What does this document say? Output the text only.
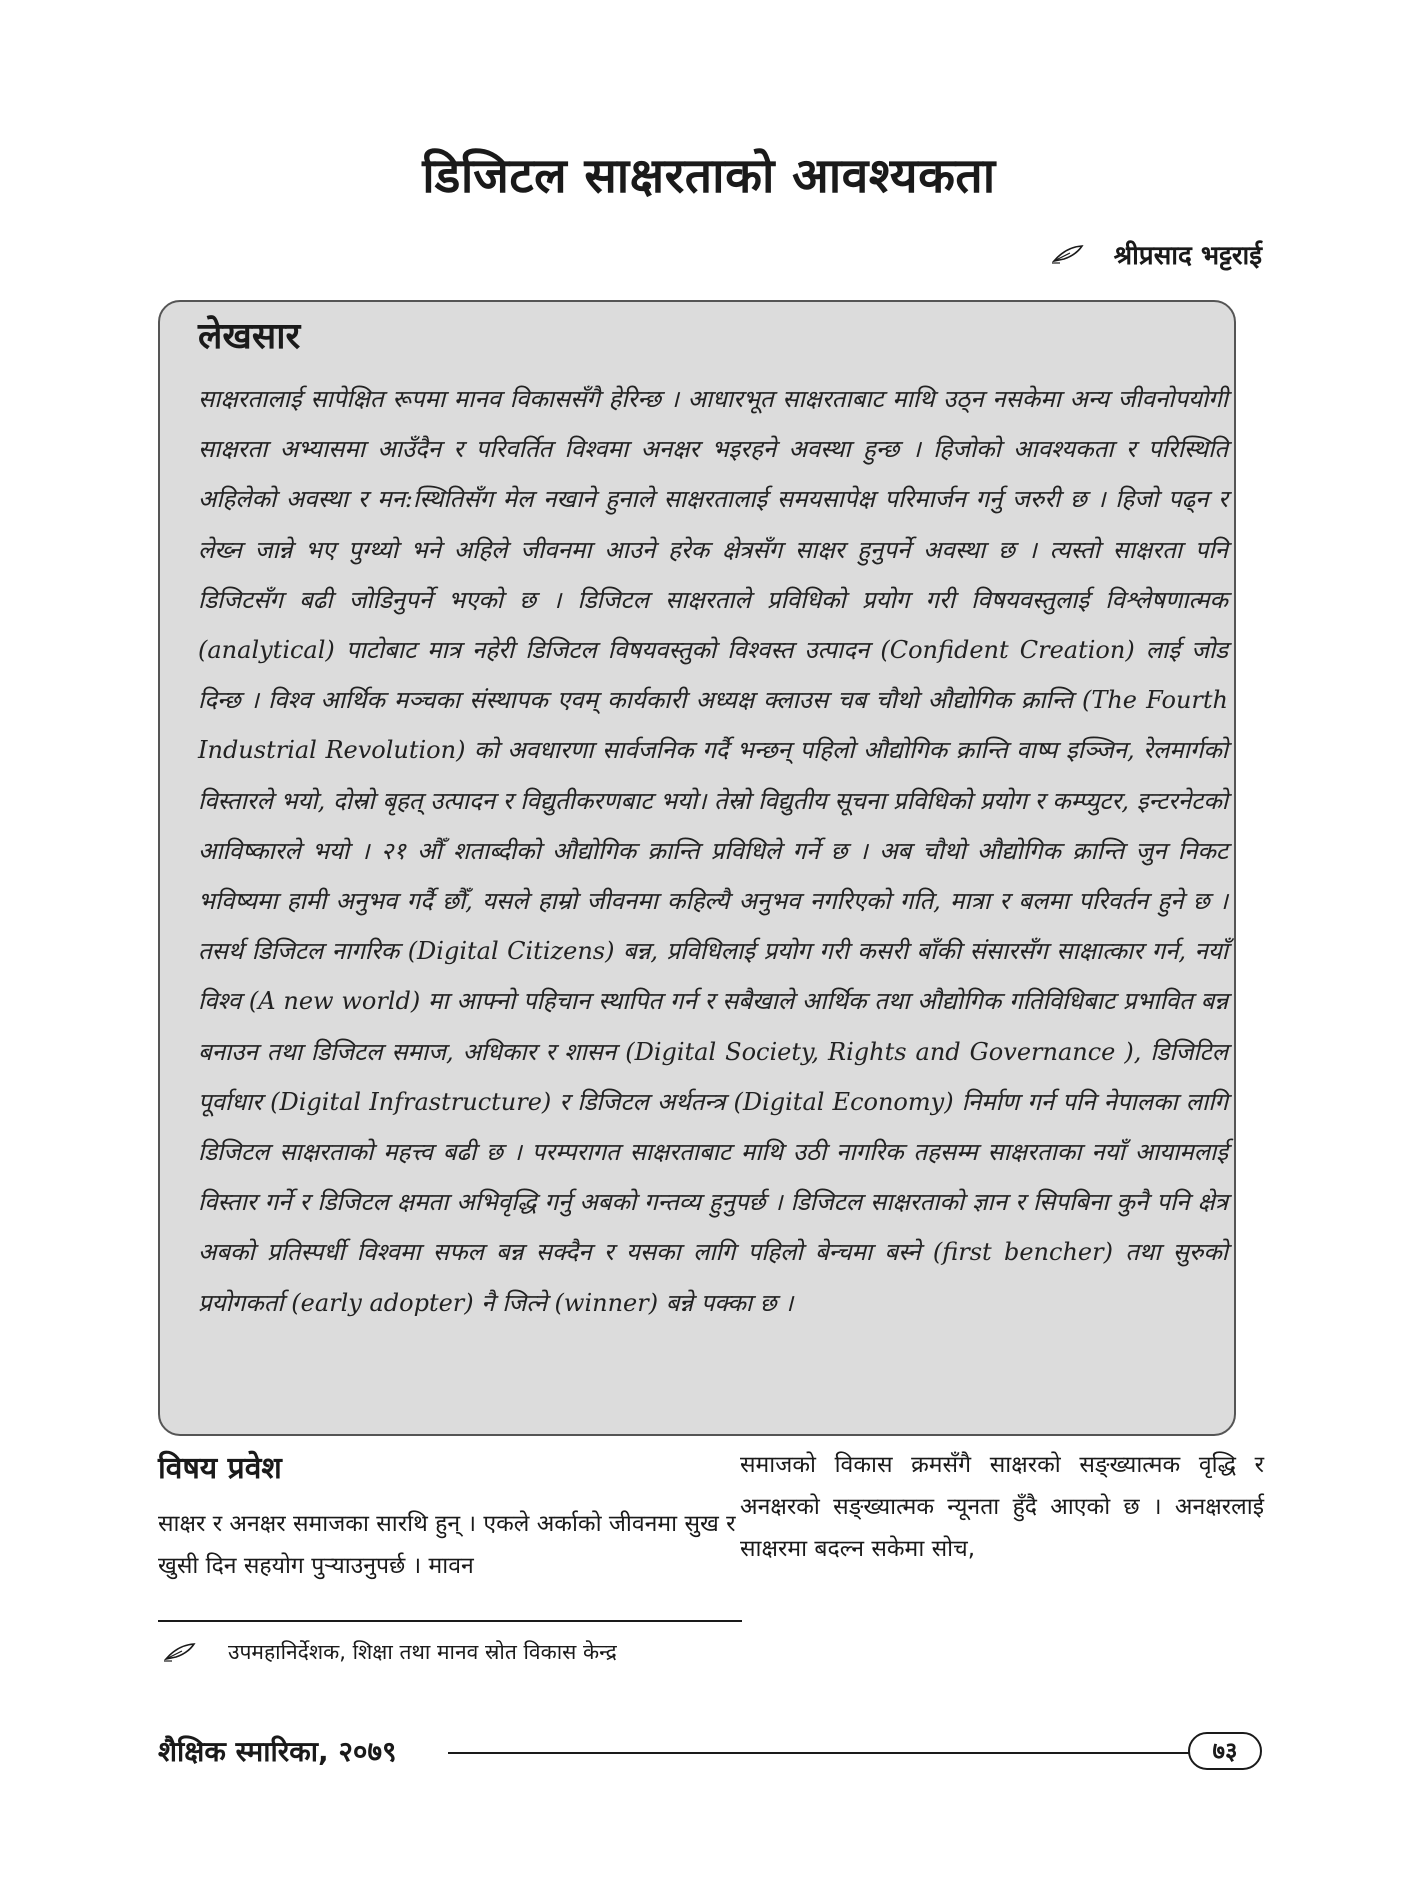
डिजिटल साक्षरताको आवश्यकता
श्रीप्रसाद भट्टराई
लेखसार

साक्षरतालाई सापेक्षित रूपमा मानव विकाससँगै हेरिन्छ । आधारभूत साक्षरताबाट माथि उठ्न नसकेमा अन्य जीवनोपयोगी साक्षरता अभ्यासमा आउँदैन र परिवर्तित विश्वमा अनक्षर भइरहने अवस्था हुन्छ । हिजोको आवश्यकता र परिस्थिति अहिलेको अवस्था र मन:स्थितिसँग मेल नखाने हुनाले साक्षरतालाई समयसापेक्ष परिमार्जन गर्नु जरुरी छ । हिजो पढ्न र लेख्न जान्ने भए पुग्थ्यो भने अहिले जीवनमा आउने हरेक क्षेत्रसँग साक्षर हुनुपर्ने अवस्था छ । त्यस्तो साक्षरता पनि डिजिटसँग बढी जोडिनुपर्ने भएको छ । डिजिटल साक्षरताले प्रविधिको प्रयोग गरी विषयवस्तुलाई विश्लेषणात्मक (analytical) पाटोबाट मात्र नहेरी डिजिटल विषयवस्तुको विश्वस्त उत्पादन (Confident Creation) लाई जोड दिन्छ । विश्व आर्थिक मञ्चका संस्थापक एवम् कार्यकारी अध्यक्ष क्लाउस चब चौथो औद्योगिक क्रान्ति (The Fourth Industrial Revolution) को अवधारणा सार्वजनिक गर्दै भन्छन् पहिलो औद्योगिक क्रान्ति वाष्प इञ्जिन, रेलमार्गको विस्तारले भयो, दोस्रो बृहत् उत्पादन र विद्युतीकरणबाट भयो। तेस्रो विद्युतीय सूचना प्रविधिको प्रयोग र कम्प्युटर, इन्टरनेटको आविष्कारले भयो । २१ औँ शताब्दीको औद्योगिक क्रान्ति प्रविधिले गर्ने छ । अब चौथो औद्योगिक क्रान्ति जुन निकट भविष्यमा हामी अनुभव गर्दै छौँ, यसले हाम्रो जीवनमा कहिल्यै अनुभव नगरिएको गति, मात्रा र बलमा परिवर्तन हुने छ । तसर्थ डिजिटल नागरिक (Digital Citizens) बन्न, प्रविधिलाई प्रयोग गरी कसरी बाँकी संसारसँग साक्षात्कार गर्न, नयाँ विश्व (A new world) मा आफ्नो पहिचान स्थापित गर्न र सबैखाले आर्थिक तथा औद्योगिक गतिविधिबाट प्रभावित बन्न बनाउन तथा डिजिटल समाज, अधिकार र शासन (Digital Society, Rights and Governance ), डिजिटिल पूर्वाधार (Digital Infrastructure) र डिजिटल अर्थतन्त्र (Digital Economy) निर्माण गर्न पनि नेपालका लागि डिजिटल साक्षरताको महत्त्व बढी छ । परम्परागत साक्षरताबाट माथि उठी नागरिक तहसम्म साक्षरताका नयाँ आयामलाई विस्तार गर्ने र डिजिटल क्षमता अभिवृद्धि गर्नु अबको गन्तव्य हुनुपर्छ । डिजिटल साक्षरताको ज्ञान र सिपबिना कुनै पनि क्षेत्र अबको प्रतिस्पर्धी विश्वमा सफल बन्न सक्दैन र यसका लागि पहिलो बेन्चमा बस्ने (first bencher) तथा सुरुको प्रयोगकर्ता (early adopter) नै जित्ने (winner) बन्ने पक्का छ ।

विषय प्रवेश

साक्षर र अनक्षर समाजका सारथि हुन् । एकले अर्काको जीवनमा सुख र खुसी दिन सहयोग पुऱ्याउनुपर्छ । मावन

समाजको विकास क्रमसँगै साक्षरको सङ्ख्यात्मक वृद्धि र अनक्षरको सङ्ख्यात्मक न्यूनता हुँदै आएको छ । अनक्षरलाई साक्षरमा बदल्न सकेमा सोच,

उपमहानिर्देशक, शिक्षा तथा मानव स्रोत विकास केन्द्र
शैक्षिक स्मारिका, २०७९	७३
